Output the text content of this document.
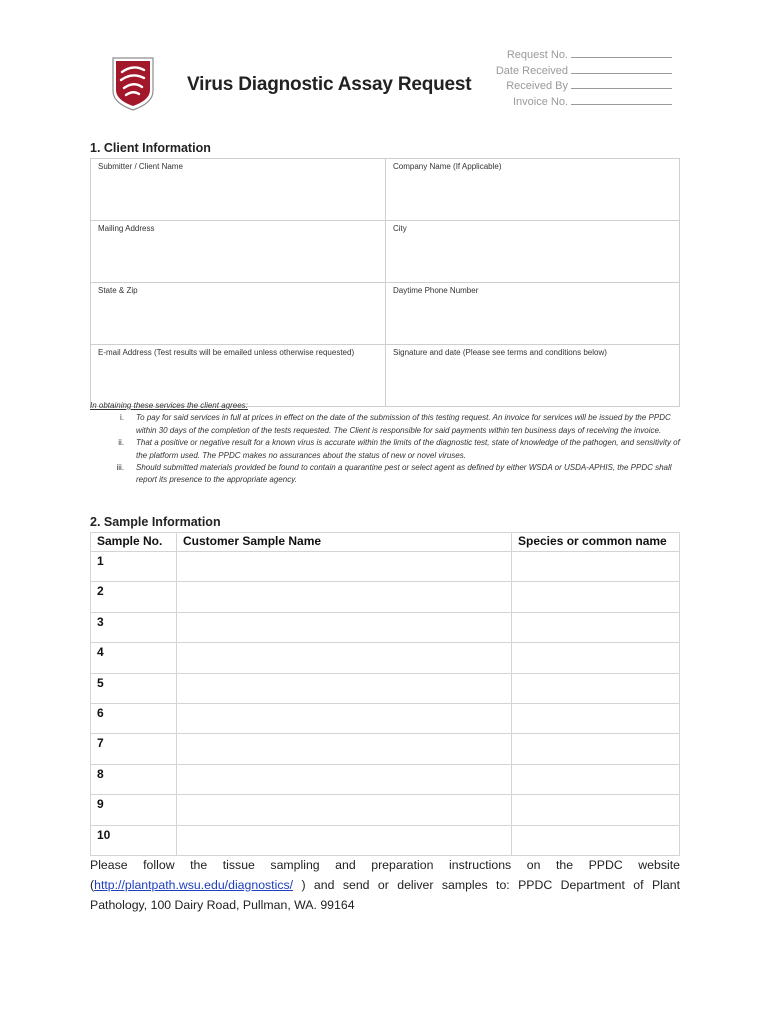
Virus Diagnostic Assay Request
Request No.
Date Received
Received By
Invoice No.
1. Client Information
Submitter / Client Name	Company Name (If Applicable)
Mailing Address	City
State & Zip	Daytime Phone Number
E-mail Address (Test results will be emailed unless otherwise requested)	Signature and date (Please see terms and conditions below)
In obtaining these services the client agrees:
i. To pay for said services in full at prices in effect on the date of the submission of this testing request. An invoice for services will be issued by the PPDC within 30 days of the completion of the tests requested. The Client is responsible for said payments within ten business days of receiving the invoice.
ii. That a positive or negative result for a known virus is accurate within the limits of the diagnostic test, state of knowledge of the pathogen, and sensitivity of the platform used. The PPDC makes no assurances about the status of new or novel viruses.
iii. Should submitted materials provided be found to contain a quarantine pest or select agent as defined by either WSDA or USDA-APHIS, the PPDC shall report its presence to the appropriate agency.
2. Sample Information
Sample No.	Customer Sample Name	Species or common name
1		
2		
3		
4		
5		
6		
7		
8		
9		
10		
Please follow the tissue sampling and preparation instructions on the PPDC website (http://plantpath.wsu.edu/diagnostics/ ) and send or deliver samples to: PPDC Department of Plant Pathology, 100 Dairy Road, Pullman, WA. 99164
